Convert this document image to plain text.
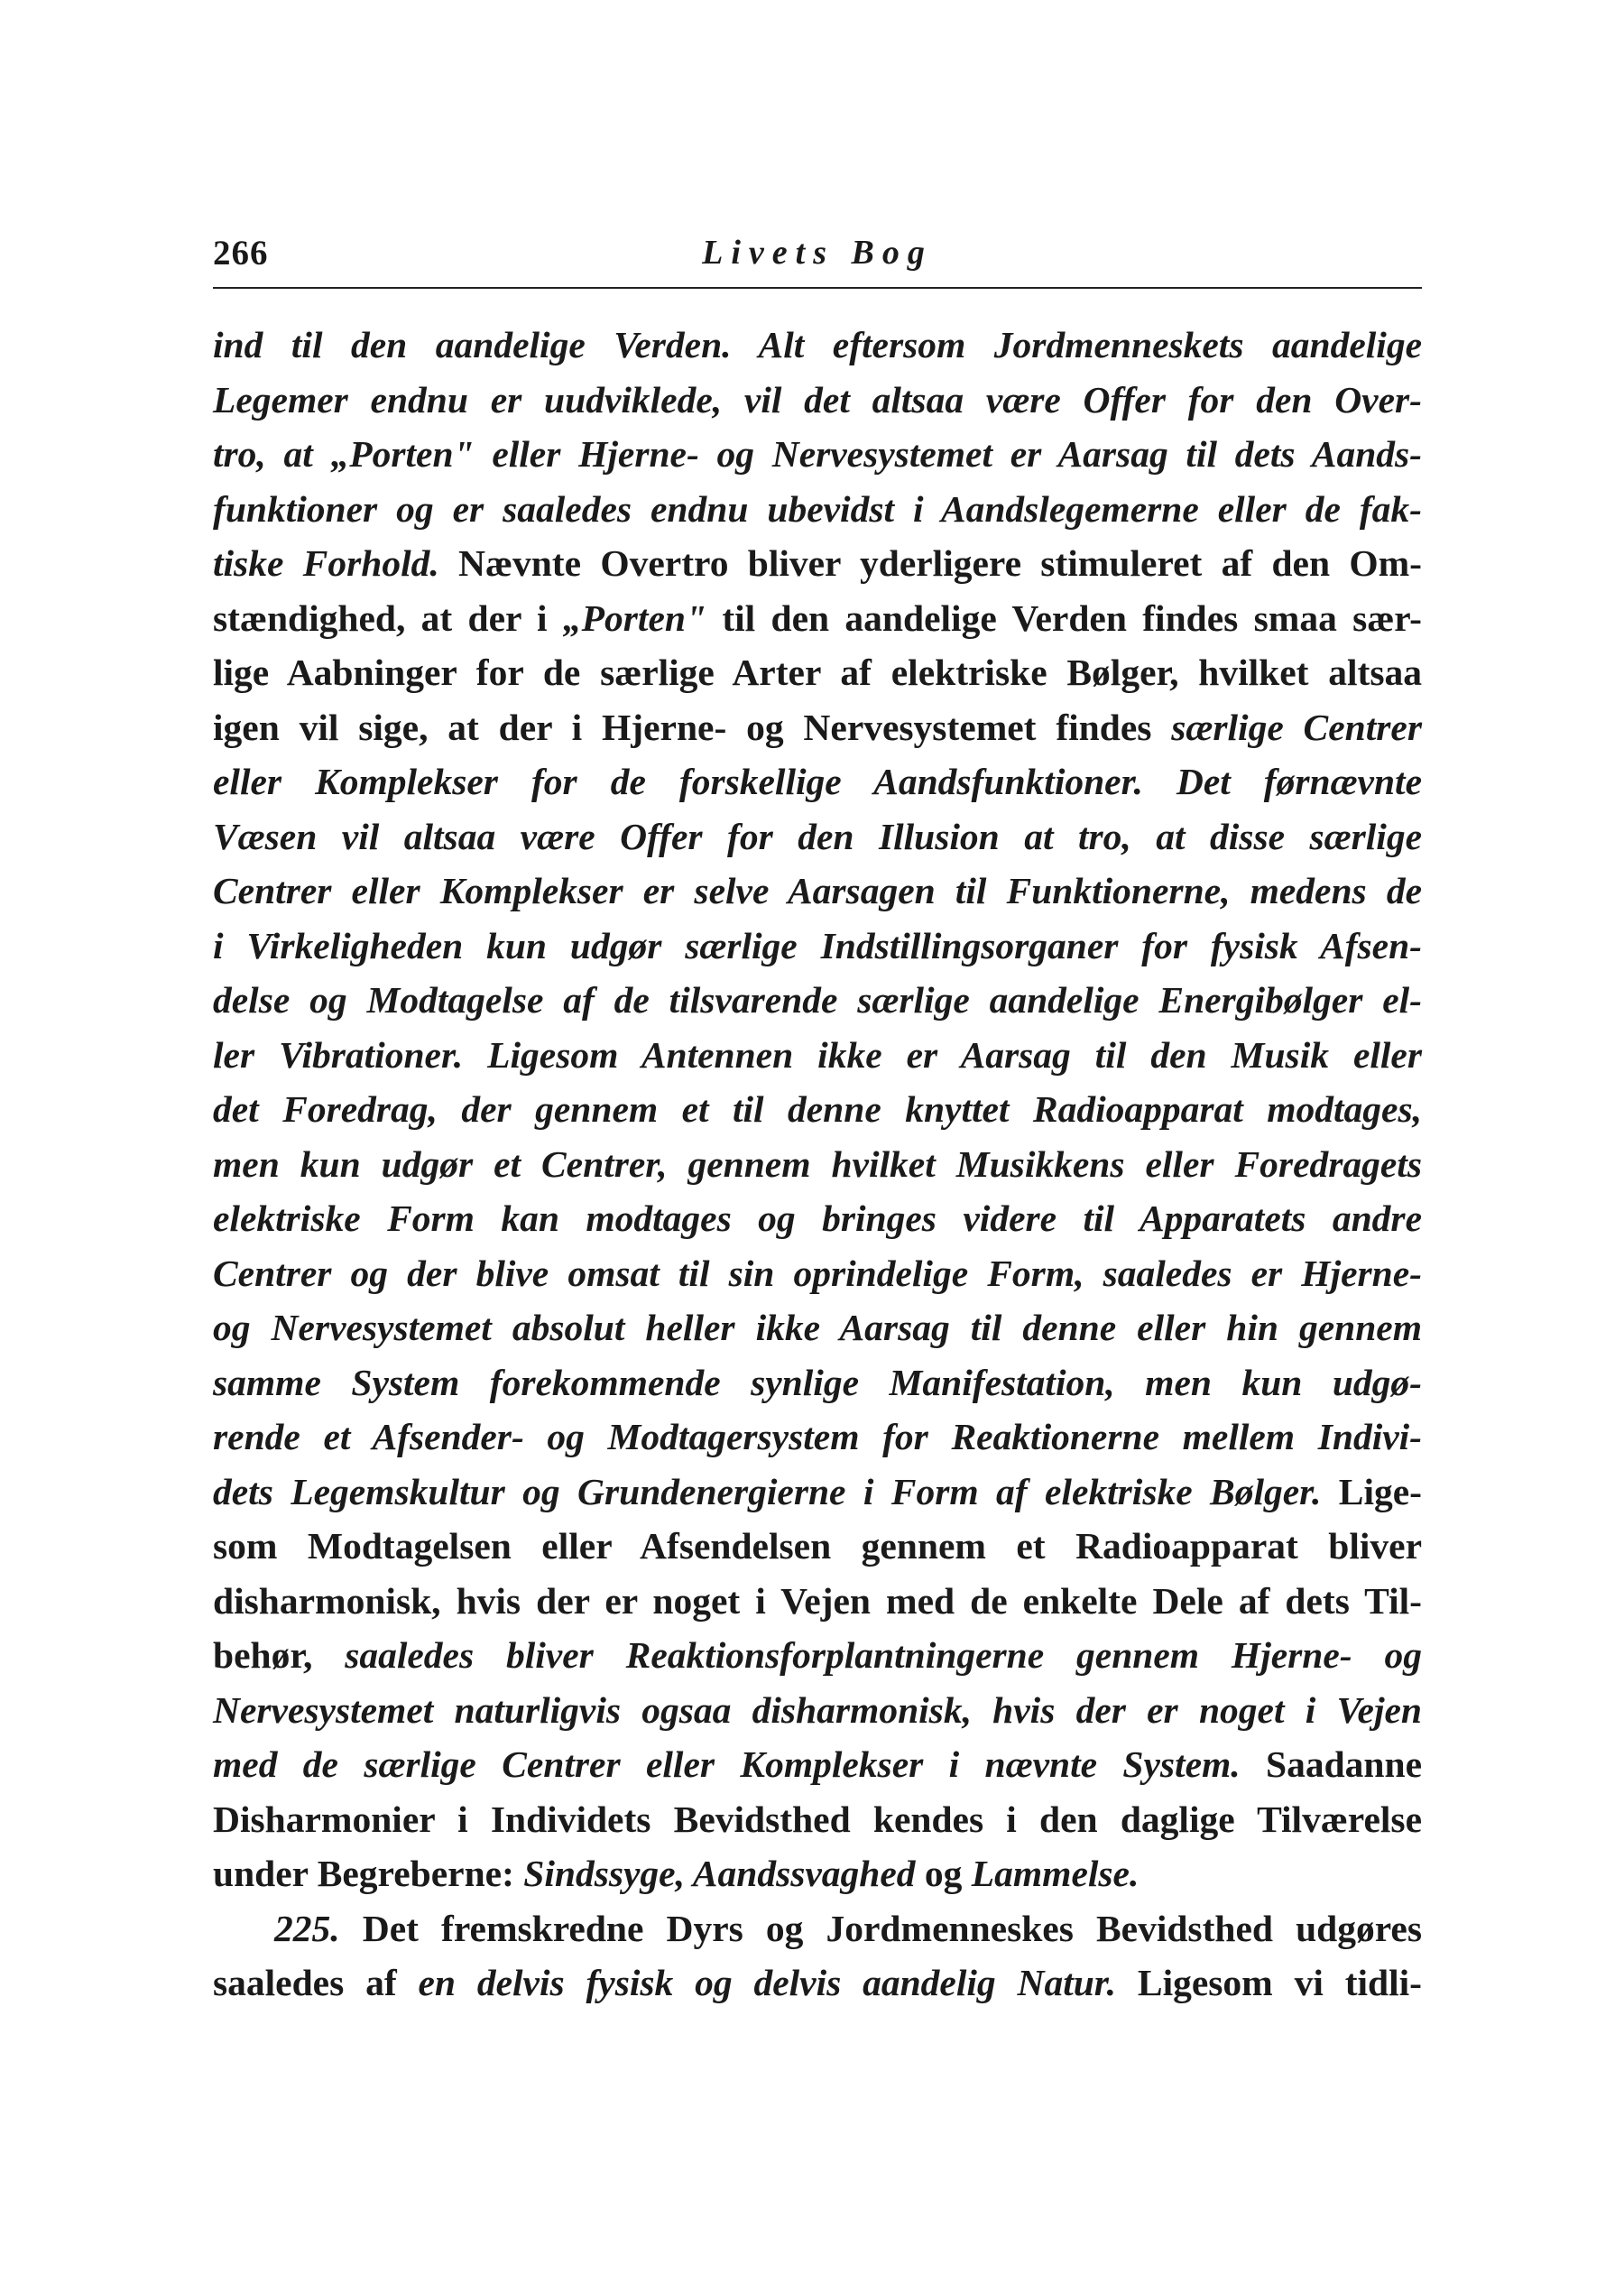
266	Livets Bog
ind til den aandelige Verden. Alt eftersom Jordmenneskets aandelige
Legemer endnu er uudviklede, vil det altsaa være Offer for den Over-
tro, at „Porten" eller Hjerne- og Nervesystemet er Aarsag til dets Aands-
funktioner og er saaledes endnu ubevidst i Aandslegemerne eller de fak-
tiske Forhold. Nævnte Overtro bliver yderligere stimuleret af den Om-
stændighed, at der i „Porten" til den aandelige Verden findes smaa sær-
lige Aabninger for de særlige Arter af elektriske Bølger, hvilket altsaa
igen vil sige, at der i Hjerne- og Nervesystemet findes særlige Centrer
eller Komplekser for de forskellige Aandsfunktioner. Det førnævnte
Væsen vil altsaa være Offer for den Illusion at tro, at disse særlige
Centrer eller Komplekser er selve Aarsagen til Funktionerne, medens de
i Virkeligheden kun udgør særlige Indstillingsorganer for fysisk Afsen-
delse og Modtagelse af de tilsvarende særlige aandelige Energibølger el-
ler Vibrationer. Ligesom Antennen ikke er Aarsag til den Musik eller
det Foredrag, der gennem et til denne knyttet Radioapparat modtages,
men kun udgør et Centrer, gennem hvilket Musikkens eller Foredragets
elektriske Form kan modtages og bringes videre til Apparatets andre
Centrer og der blive omsat til sin oprindelige Form, saaledes er Hjerne-
og Nervesystemet absolut heller ikke Aarsag til denne eller hin gennem
samme System forekommende synlige Manifestation, men kun udgø-
rende et Afsender- og Modtagersystem for Reaktionerne mellem Indivi-
dets Legemskultur og Grundenergierne i Form af elektriske Bølger. Lige-
som Modtagelsen eller Afsendelsen gennem et Radioapparat bliver
disharmonisk, hvis der er noget i Vejen med de enkelte Dele af dets Til-
behør, saaledes bliver Reaktionsforplantningerne gennem Hjerne- og
Nervesystemet naturligvis ogsaa disharmonisk, hvis der er noget i Vejen
med de særlige Centrer eller Komplekser i nævnte System. Saadanne
Disharmonier i Individets Bevidsthed kendes i den daglige Tilværelse
under Begreberne: Sindssyge, Aandssvaghed og Lammelse.
225. Det fremskredne Dyrs og Jordmenneskes Bevidsthed udgøres
saaledes af en delvis fysisk og delvis aandelig Natur. Ligesom vi tidli-
